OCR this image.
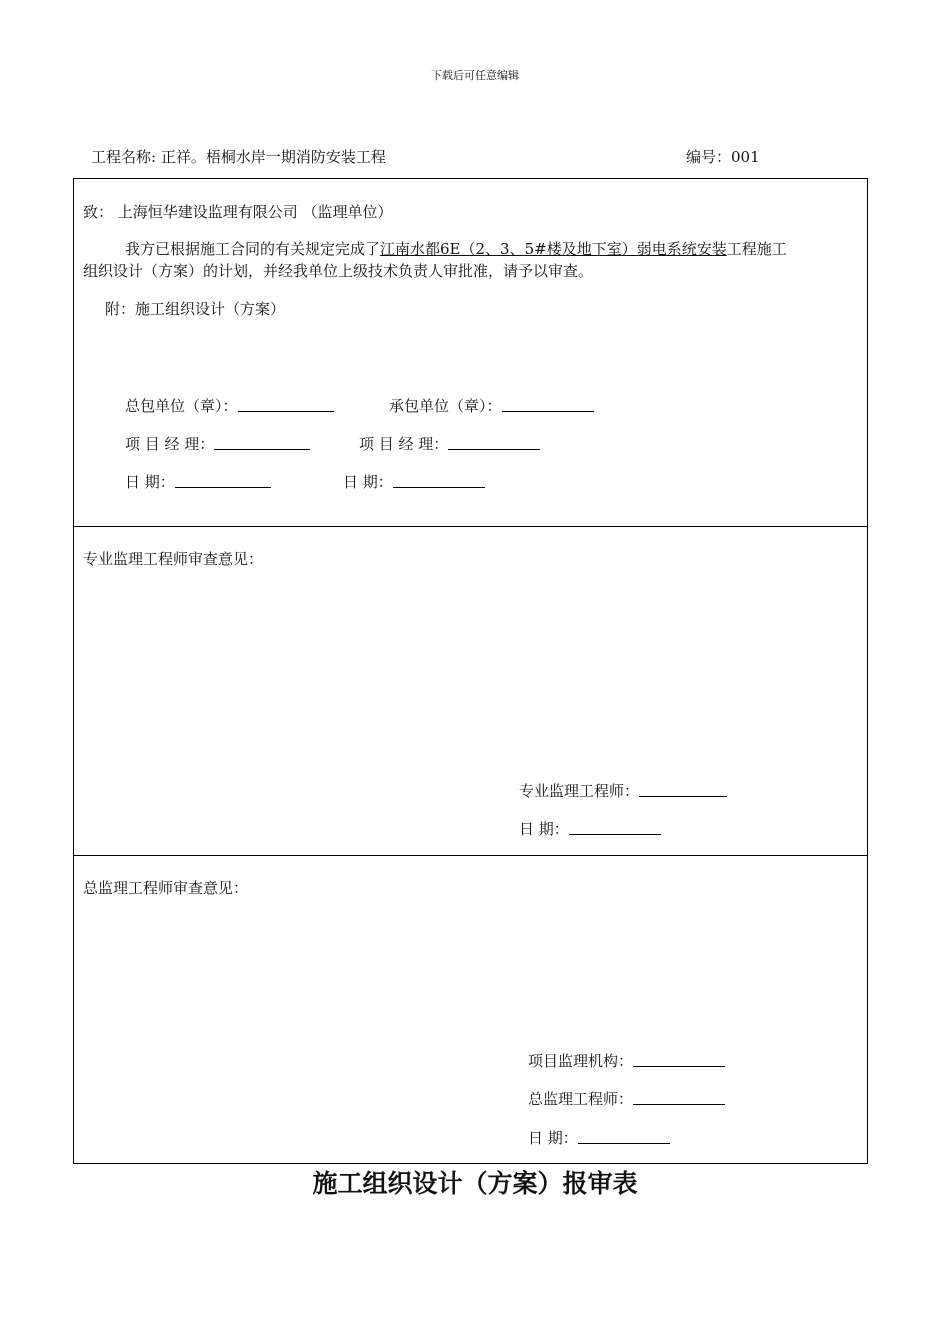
下载后可任意编辑
工程名称: 正祥。梧桐水岸一期消防安装工程	编号：001
致： 上海恒华建设监理有限公司 （监理单位）
我方已根据施工合同的有关规定完成了江南水都6E（2、3、5#楼及地下室）弱电系统安装工程施工
组织设计（方案）的计划，并经我单位上级技术负责人审批准，请予以审查。
附：施工组织设计（方案）
总包单位（章）：	承包单位（章）：
项 目 经 理：	项 目 经 理：
日 期：	日 期：
专业监理工程师审查意见：
专业监理工程师：
日 期：
总监理工程师审查意见：
项目监理机构：
总监理工程师：
日 期：
施工组织设计（方案）报审表
